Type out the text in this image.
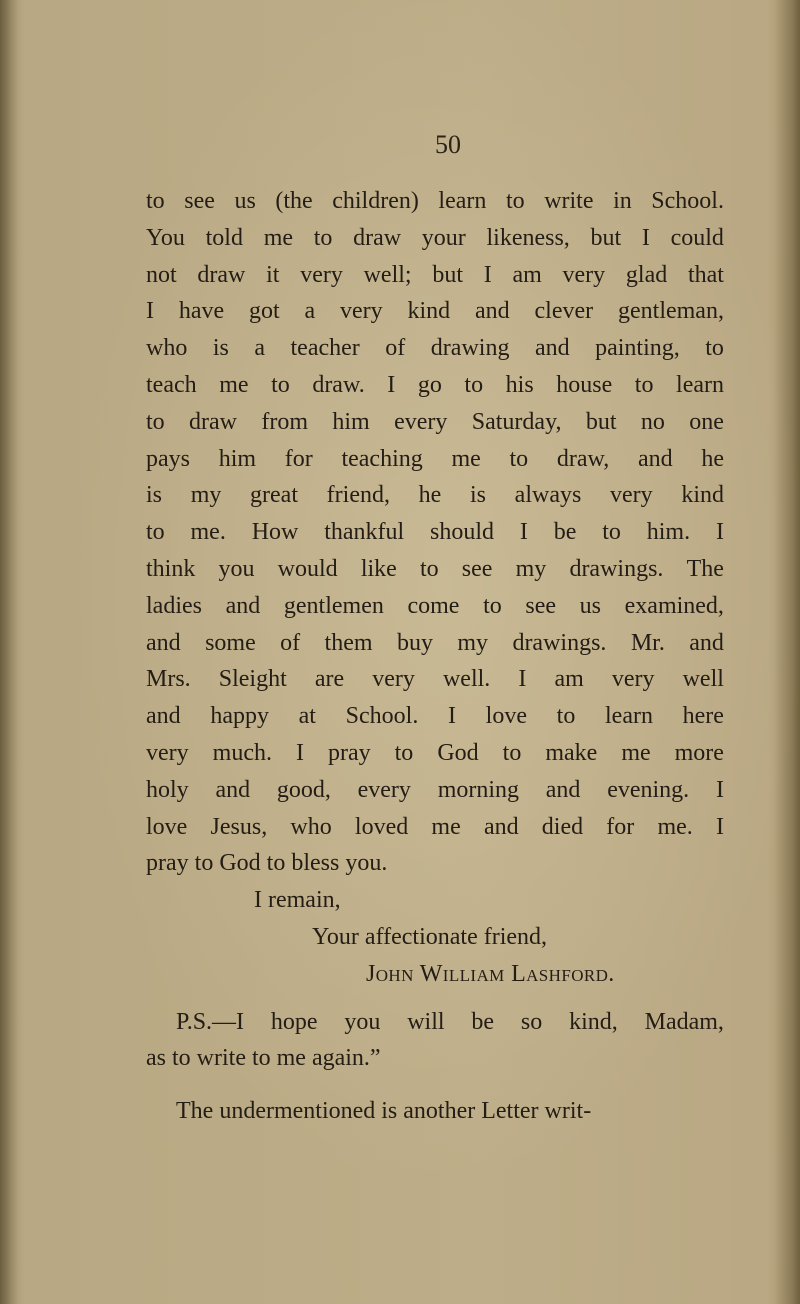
50
to see us (the children) learn to write in School.
You told me to draw your likeness, but I could
not draw it very well; but I am very glad that
I have got a very kind and clever gentleman,
who is a teacher of drawing and painting, to
teach me to draw. I go to his house to learn
to draw from him every Saturday, but no one
pays him for teaching me to draw, and he
is my great friend, he is always very kind
to me. How thankful should I be to him. I
think you would like to see my drawings. The
ladies and gentlemen come to see us examined,
and some of them buy my drawings. Mr. and
Mrs. Sleight are very well. I am very well
and happy at School. I love to learn here
very much. I pray to God to make me more
holy and good, every morning and evening. I
love Jesus, who loved me and died for me. I
pray to God to bless you.
I remain,
Your affectionate friend,
John William Lashford.
P.S.—I hope you will be so kind, Madam,
as to write to me again.”
The undermentioned is another Letter writ-
